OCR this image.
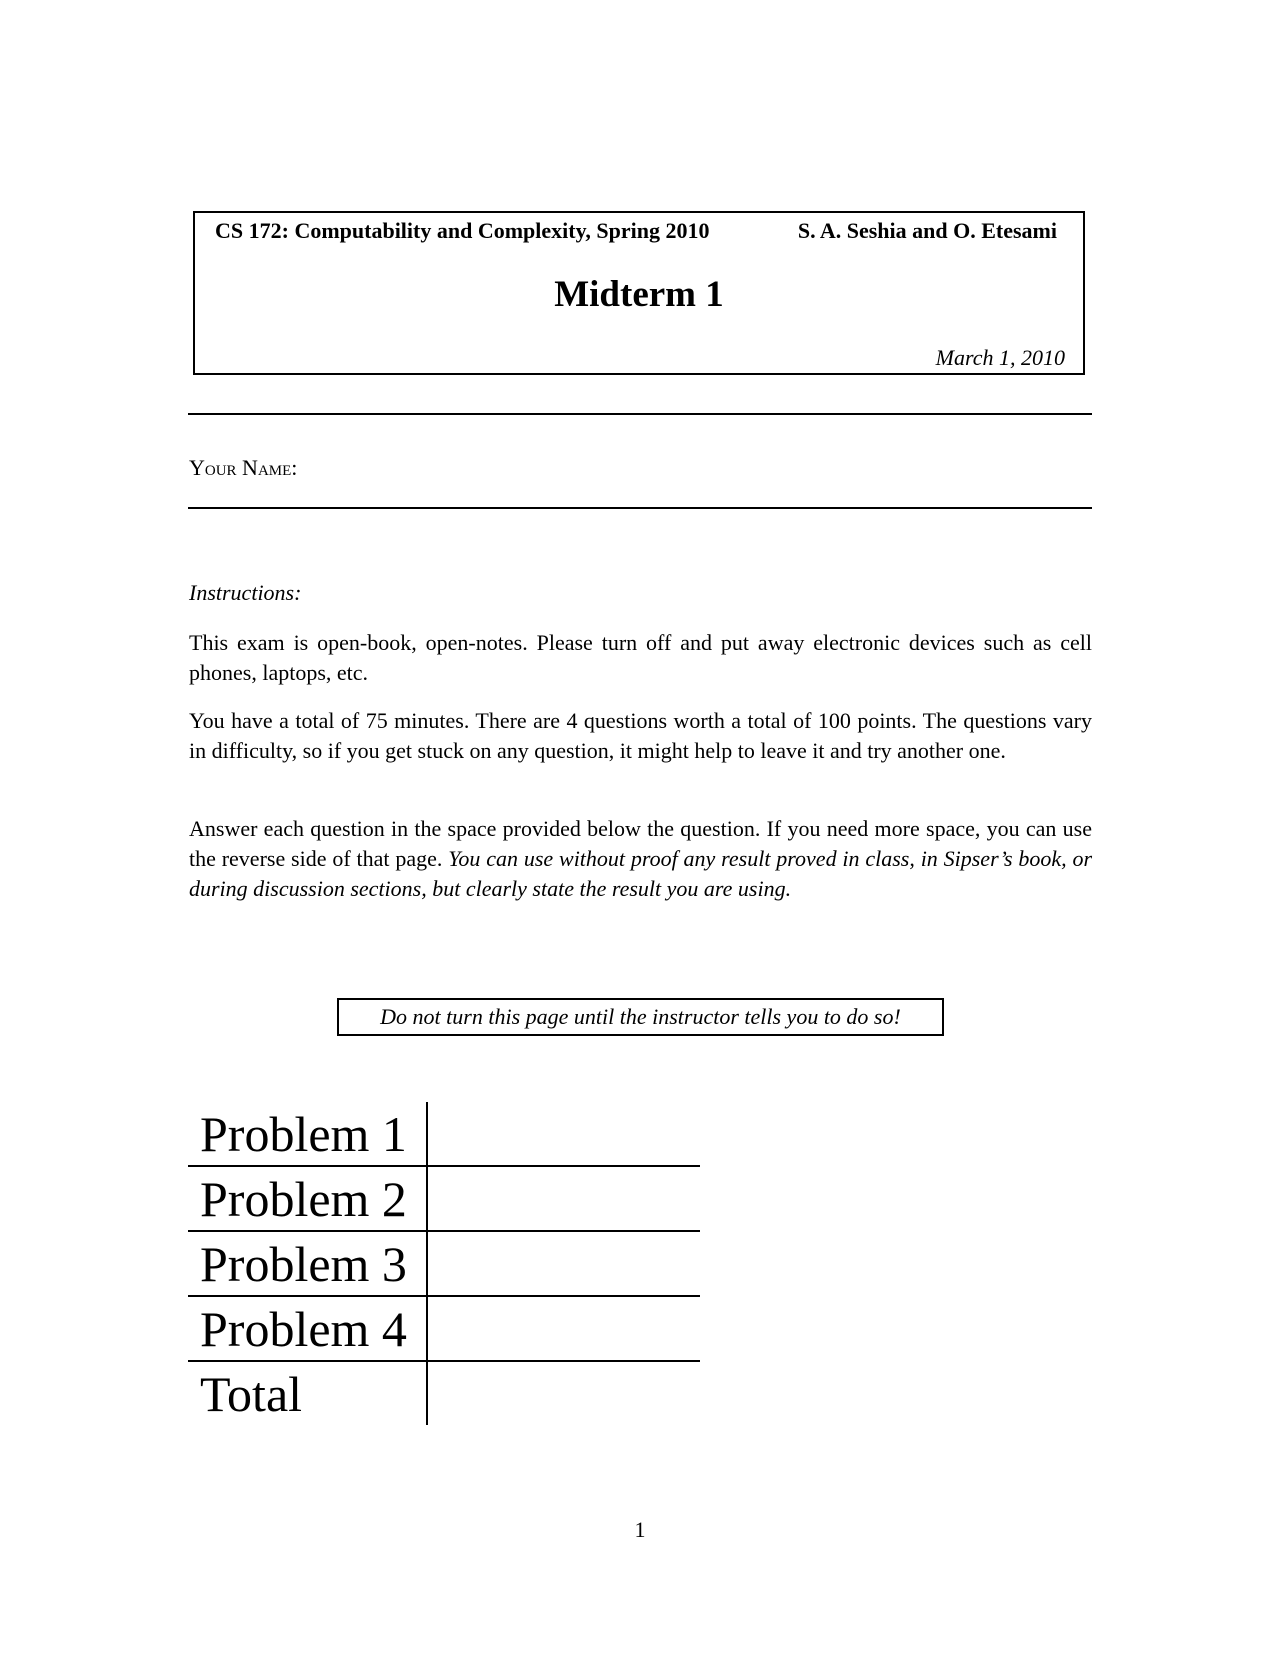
CS 172: Computability and Complexity, Spring 2010	S. A. Seshia and O. Etesami
Midterm 1
March 1, 2010
Your Name:
Instructions:
This exam is open-book, open-notes. Please turn off and put away electronic devices such as cell phones, laptops, etc.
You have a total of 75 minutes. There are 4 questions worth a total of 100 points. The questions vary in difficulty, so if you get stuck on any question, it might help to leave it and try another one.
Answer each question in the space provided below the question. If you need more space, you can use the reverse side of that page. You can use without proof any result proved in class, in Sipser’s book, or during discussion sections, but clearly state the result you are using.
Do not turn this page until the instructor tells you to do so!
Problem 1	
Problem 2	
Problem 3	
Problem 4	
Total	
1
